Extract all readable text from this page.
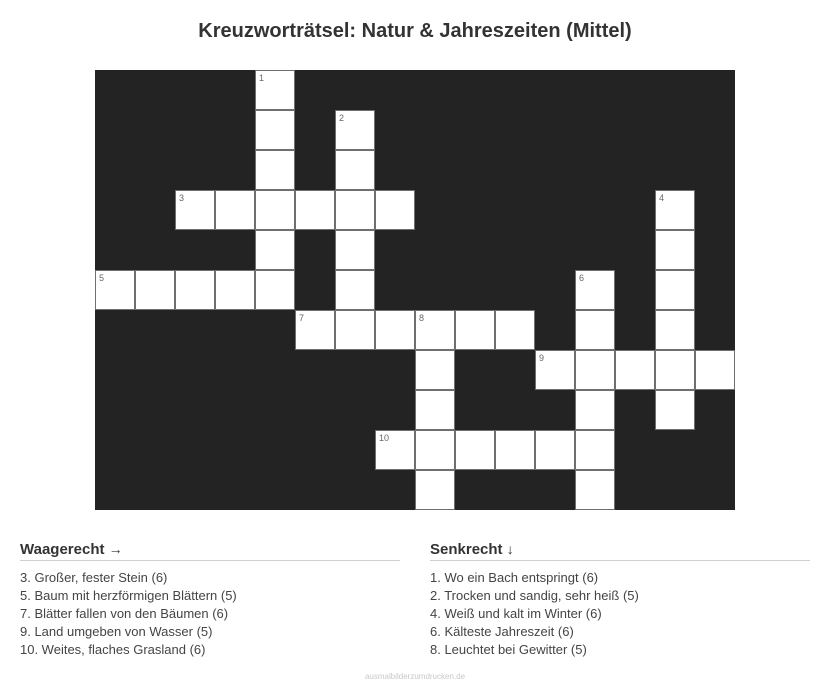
Kreuzworträtsel: Natur & Jahreszeiten (Mittel)
1
2
3	4
5	6
7	8
9
10
Waagerecht →
3. Großer, fester Stein (6)
5. Baum mit herzförmigen Blättern (5)
7. Blätter fallen von den Bäumen (6)
9. Land umgeben von Wasser (5)
10. Weites, flaches Grasland (6)
Senkrecht ↓
1. Wo ein Bach entspringt (6)
2. Trocken und sandig, sehr heiß (5)
4. Weiß und kalt im Winter (6)
6. Kälteste Jahreszeit (6)
8. Leuchtet bei Gewitter (5)
ausmalbilderzumdrucken.de
